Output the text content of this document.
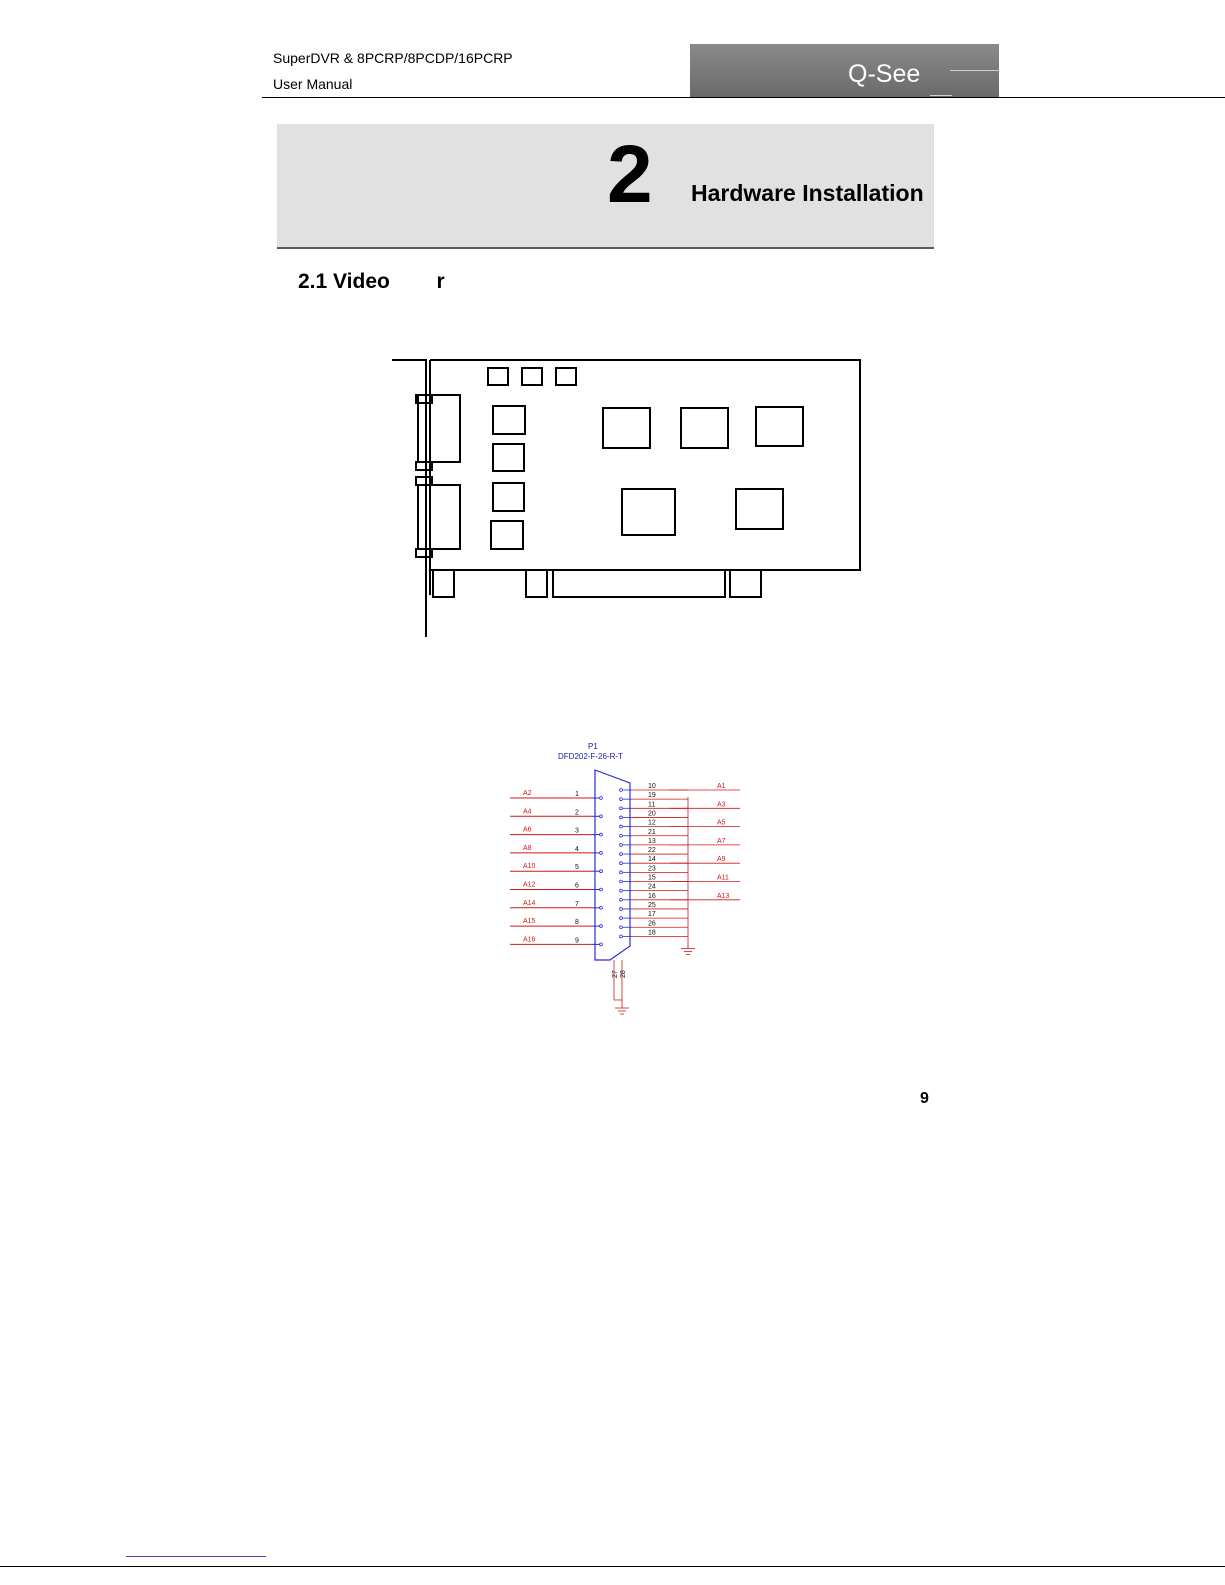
SuperDVR & 8PCRP/8PCDP/16PCRP
User Manual	Q-See
2 Hardware Installation
2.1 Video        r
P1
DFD202-F-26-R-T
A2	1
A4	2
A6	3
A8	4
A10	5
A12	6
A14	7
A15	8
A16	9
10
19
11
20
12
21
13
22
14
23
15
24
16
25
17
26
18
A1
A3
A5
A7
A9
A11
A13
27 28
9
